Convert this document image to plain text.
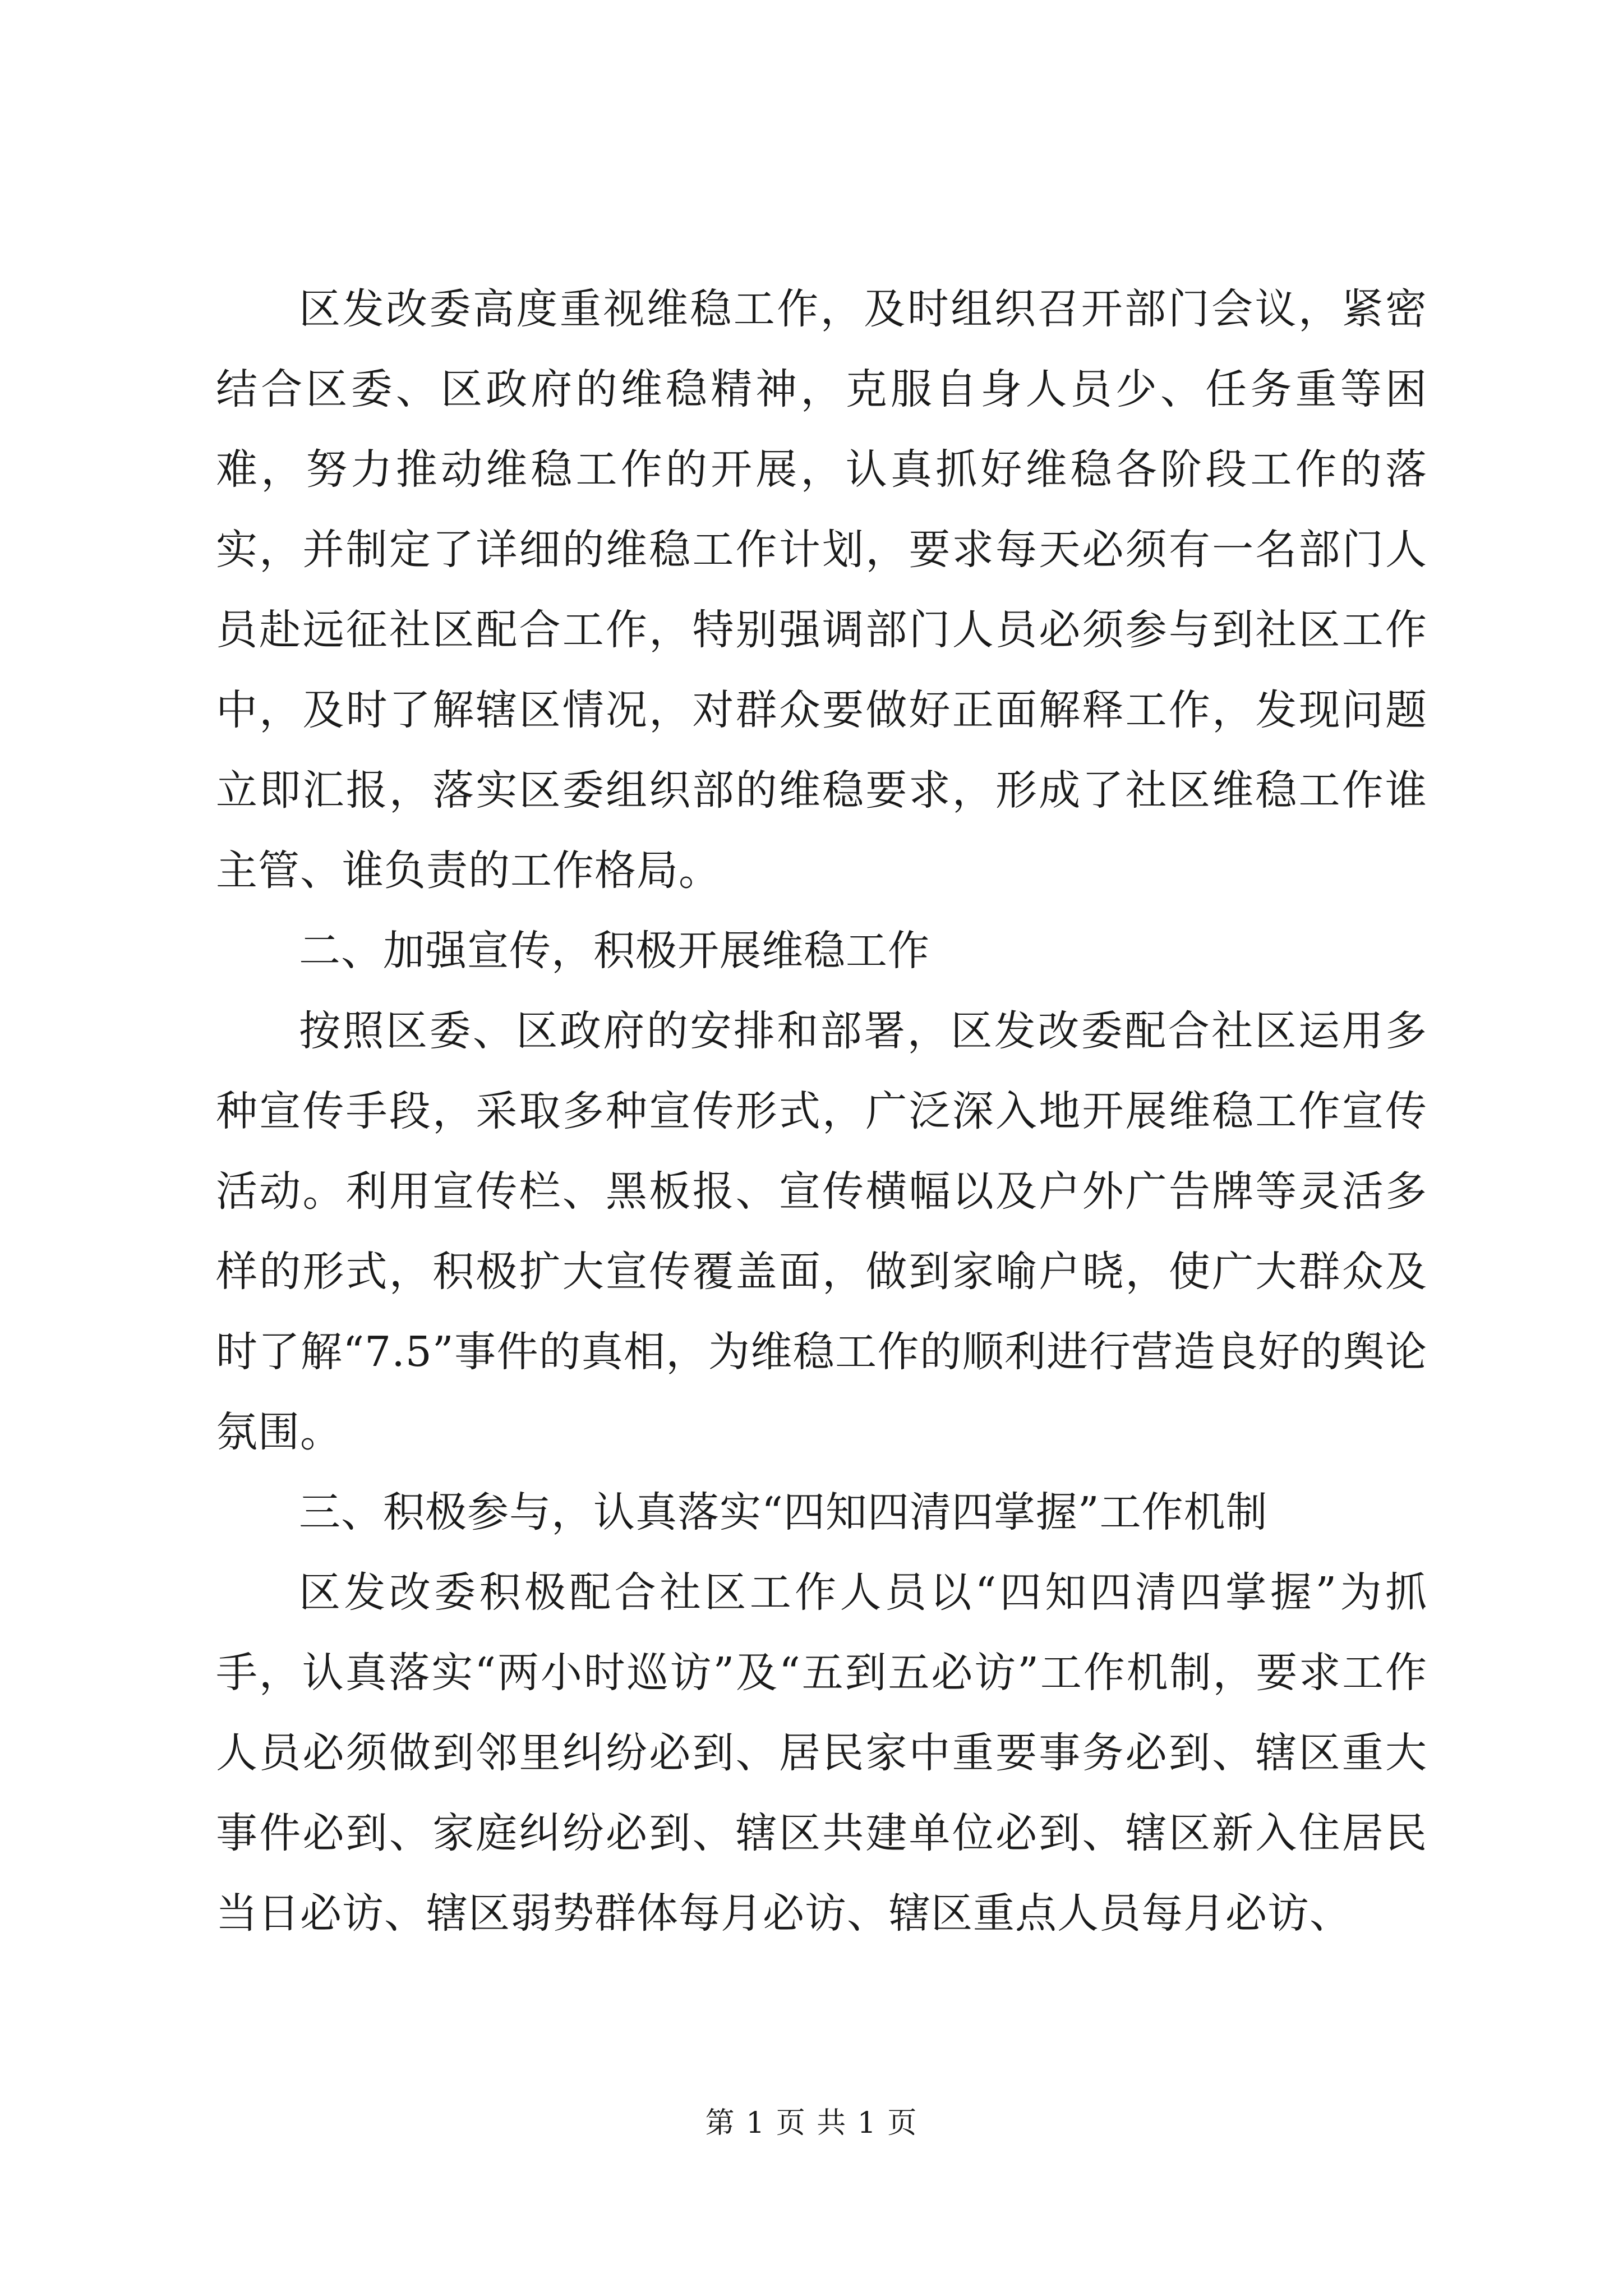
区发改委高度重视维稳工作，及时组织召开部门会议，紧密结合区委、区政府的维稳精神，克服自身人员少、任务重等困难，努力推动维稳工作的开展，认真抓好维稳各阶段工作的落实，并制定了详细的维稳工作计划，要求每天必须有一名部门人员赴远征社区配合工作，特别强调部门人员必须参与到社区工作中，及时了解辖区情况，对群众要做好正面解释工作，发现问题立即汇报，落实区委组织部的维稳要求，形成了社区维稳工作谁主管、谁负责的工作格局。

二、加强宣传，积极开展维稳工作

按照区委、区政府的安排和部署，区发改委配合社区运用多种宣传手段，采取多种宣传形式，广泛深入地开展维稳工作宣传活动。利用宣传栏、黑板报、宣传横幅以及户外广告牌等灵活多样的形式，积极扩大宣传覆盖面，做到家喻户晓，使广大群众及时了解“7.5”事件的真相，为维稳工作的顺利进行营造良好的舆论氛围。

三、积极参与，认真落实“四知四清四掌握”工作机制

区发改委积极配合社区工作人员以“四知四清四掌握”为抓手，认真落实“两小时巡访”及“五到五必访”工作机制，要求工作人员必须做到邻里纠纷必到、居民家中重要事务必到、辖区重大事件必到、家庭纠纷必到、辖区共建单位必到、辖区新入住居民当日必访、辖区弱势群体每月必访、辖区重点人员每月必访、

第 1 页 共 1 页
